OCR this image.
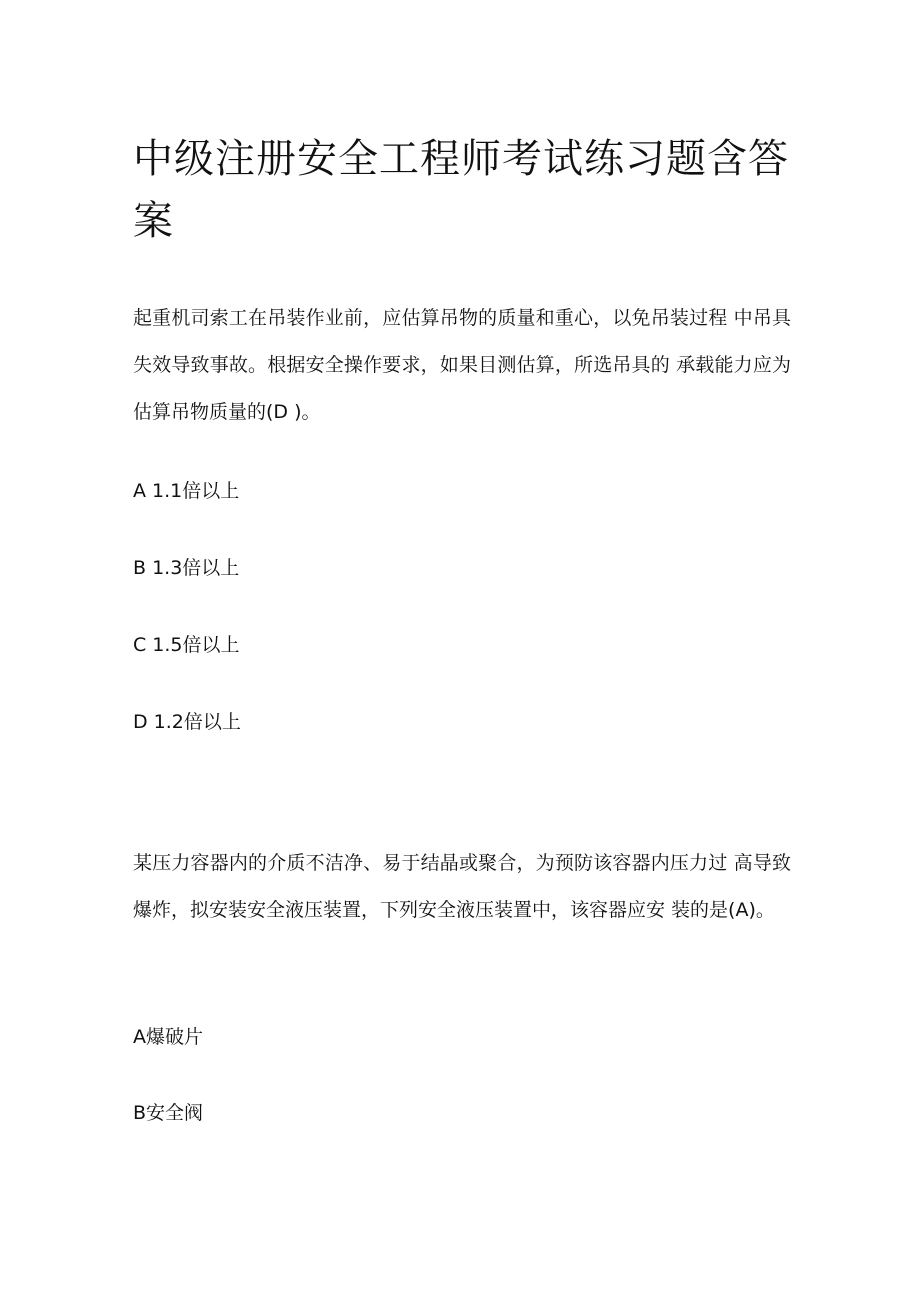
中级注册安全工程师考试练习题含答案

起重机司索工在吊装作业前，应估算吊物的质量和重心，以免吊装过程 中吊具失效导致事故。根据安全操作要求，如果目测估算，所选吊具的 承载能力应为估算吊物质量的(D )。

A 1.1倍以上

B 1.3倍以上

C 1.5倍以上

D 1.2倍以上

某压力容器内的介质不洁净、易于结晶或聚合，为预防该容器内压力过 高导致爆炸，拟安装安全液压装置，下列安全液压装置中，该容器应安 装的是(A)。

A爆破片

B安全阀
